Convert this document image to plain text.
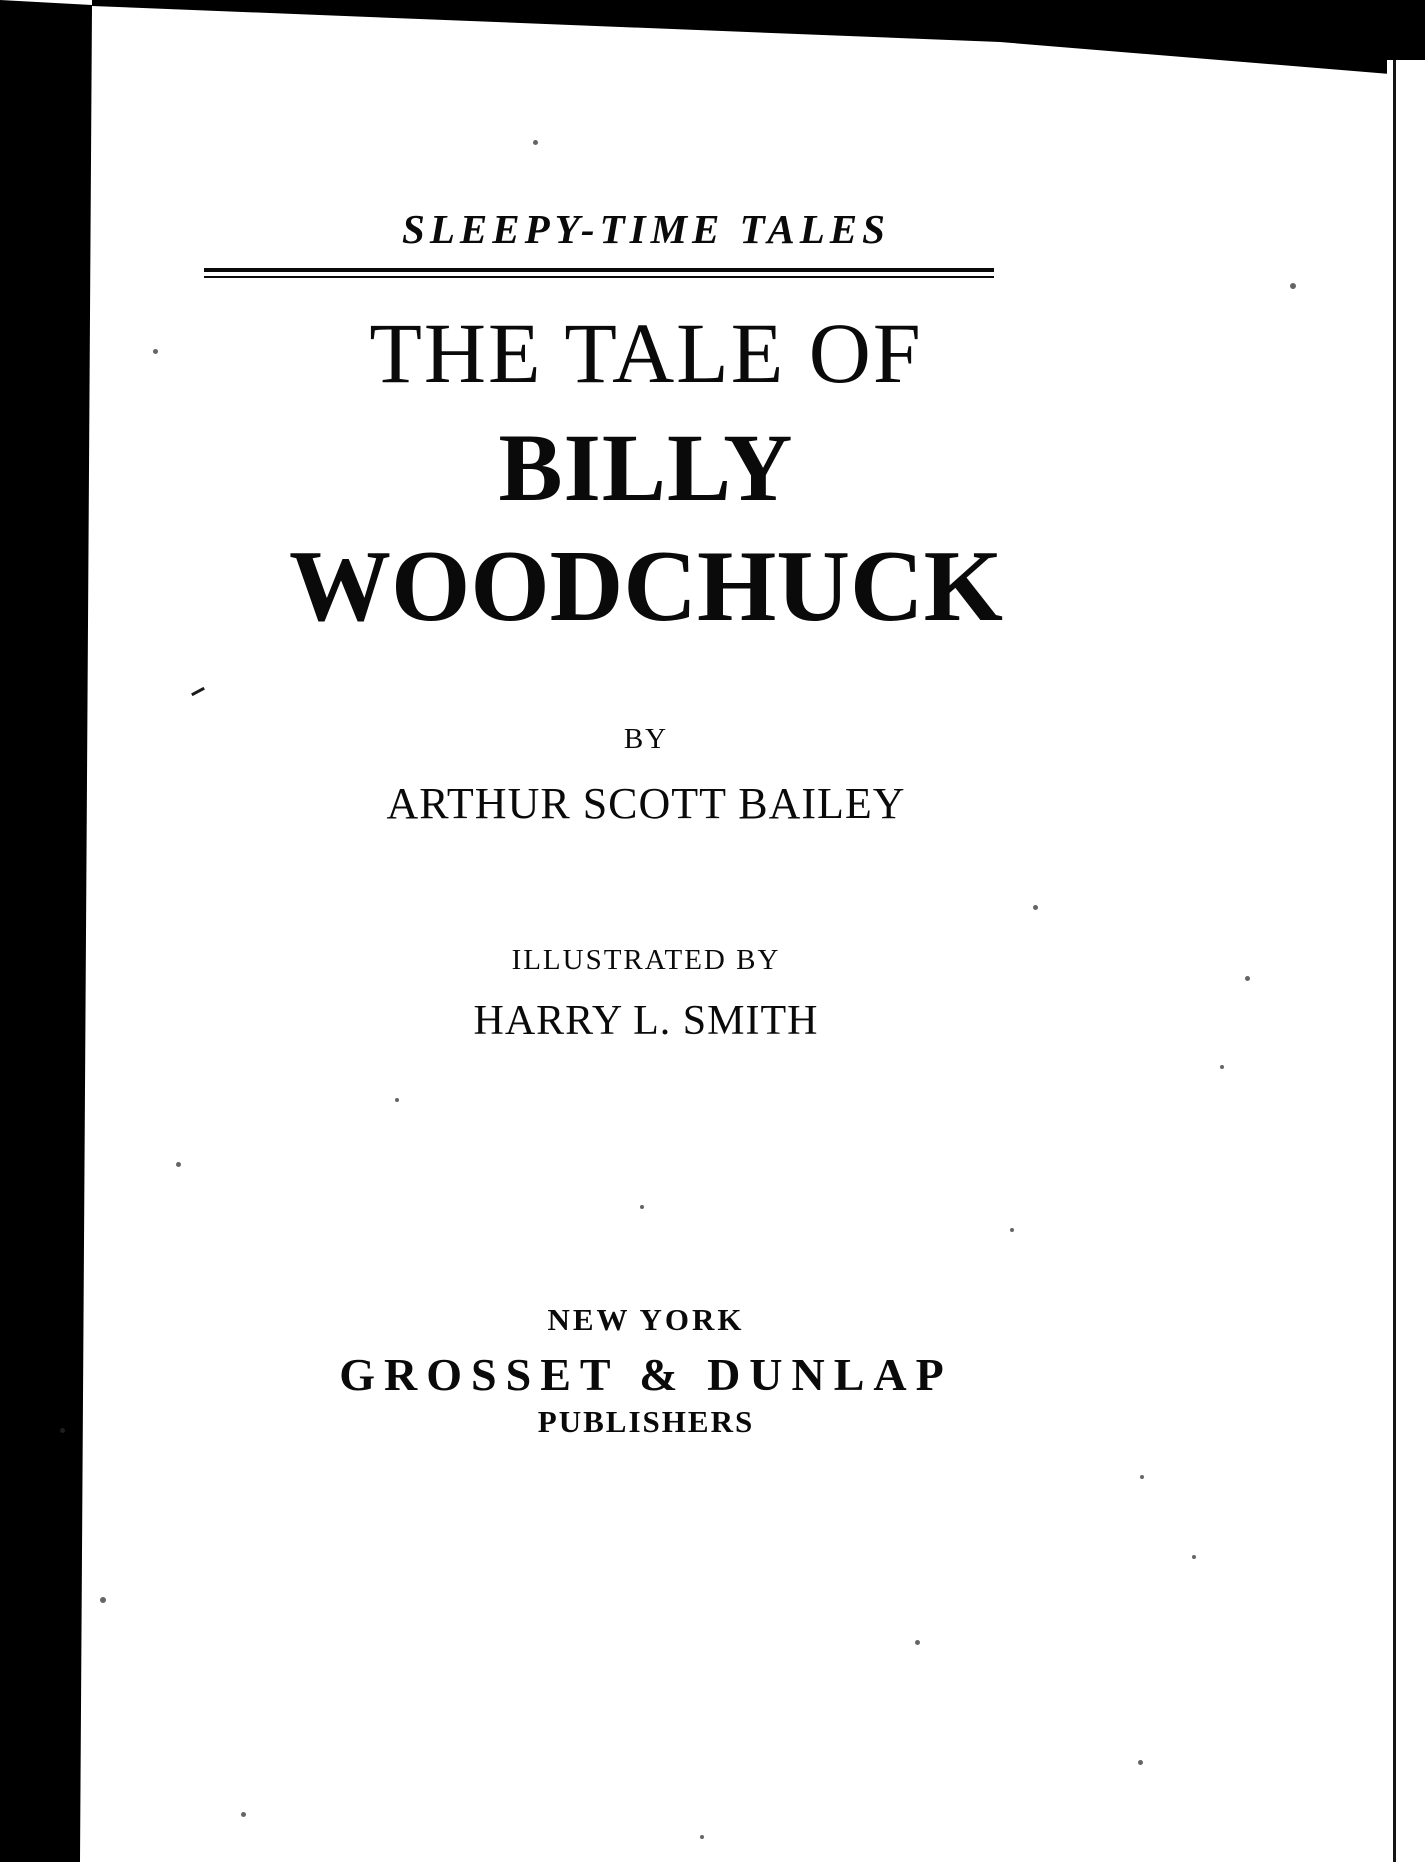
SLEEPY-TIME TALES
THE TALE OF
BILLY
WOODCHUCK
BY
ARTHUR SCOTT BAILEY
ILLUSTRATED BY
HARRY L. SMITH
NEW YORK
GROSSET & DUNLAP
PUBLISHERS
